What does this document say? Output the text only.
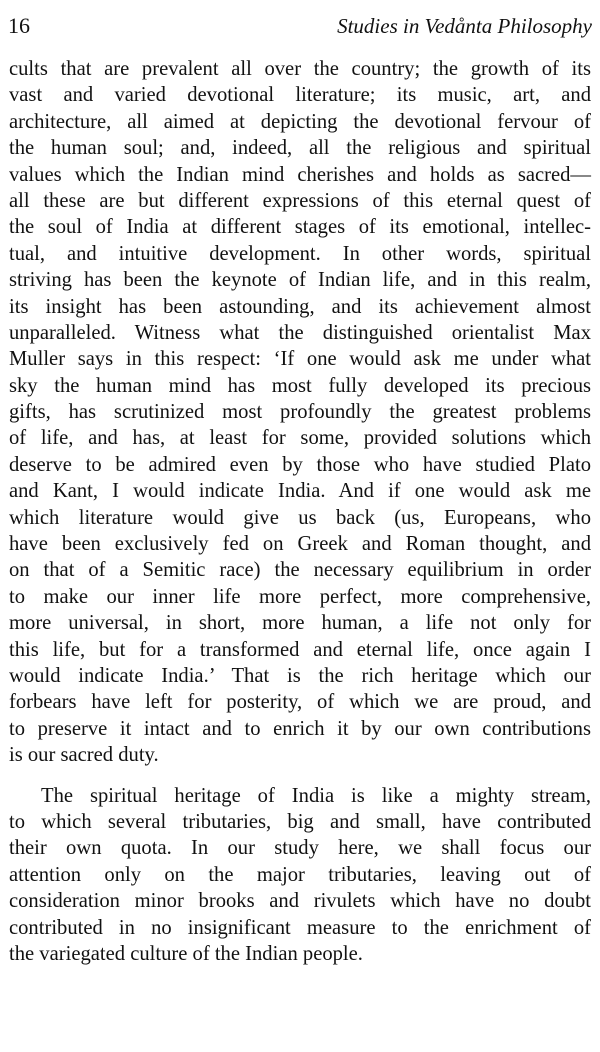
16	Studies in Vedånta Philosophy
cults that are prevalent all over the country; the growth of its
vast and varied devotional literature; its music, art, and
architecture, all aimed at depicting the devotional fervour of
the human soul; and, indeed, all the religious and spiritual
values which the Indian mind cherishes and holds as sacred—
all these are but different expressions of this eternal quest of
the soul of India at different stages of its emotional, intellec-
tual, and intuitive development. In other words, spiritual
striving has been the keynote of Indian life, and in this realm,
its insight has been astounding, and its achievement almost
unparalleled. Witness what the distinguished orientalist Max
Muller says in this respect: ‘If one would ask me under what
sky the human mind has most fully developed its precious
gifts, has scrutinized most profoundly the greatest problems
of life, and has, at least for some, provided solutions which
deserve to be admired even by those who have studied Plato
and Kant, I would indicate India. And if one would ask me
which literature would give us back (us, Europeans, who
have been exclusively fed on Greek and Roman thought, and
on that of a Semitic race) the necessary equilibrium in order
to make our inner life more perfect, more comprehensive,
more universal, in short, more human, a life not only for
this life, but for a transformed and eternal life, once again I
would indicate India.’ That is the rich heritage which our
forbears have left for posterity, of which we are proud, and
to preserve it intact and to enrich it by our own contributions
is our sacred duty.
The spiritual heritage of India is like a mighty stream,
to which several tributaries, big and small, have contributed
their own quota. In our study here, we shall focus our
attention only on the major tributaries, leaving out of
consideration minor brooks and rivulets which have no doubt
contributed in no insignificant measure to the enrichment of
the variegated culture of the Indian people.
